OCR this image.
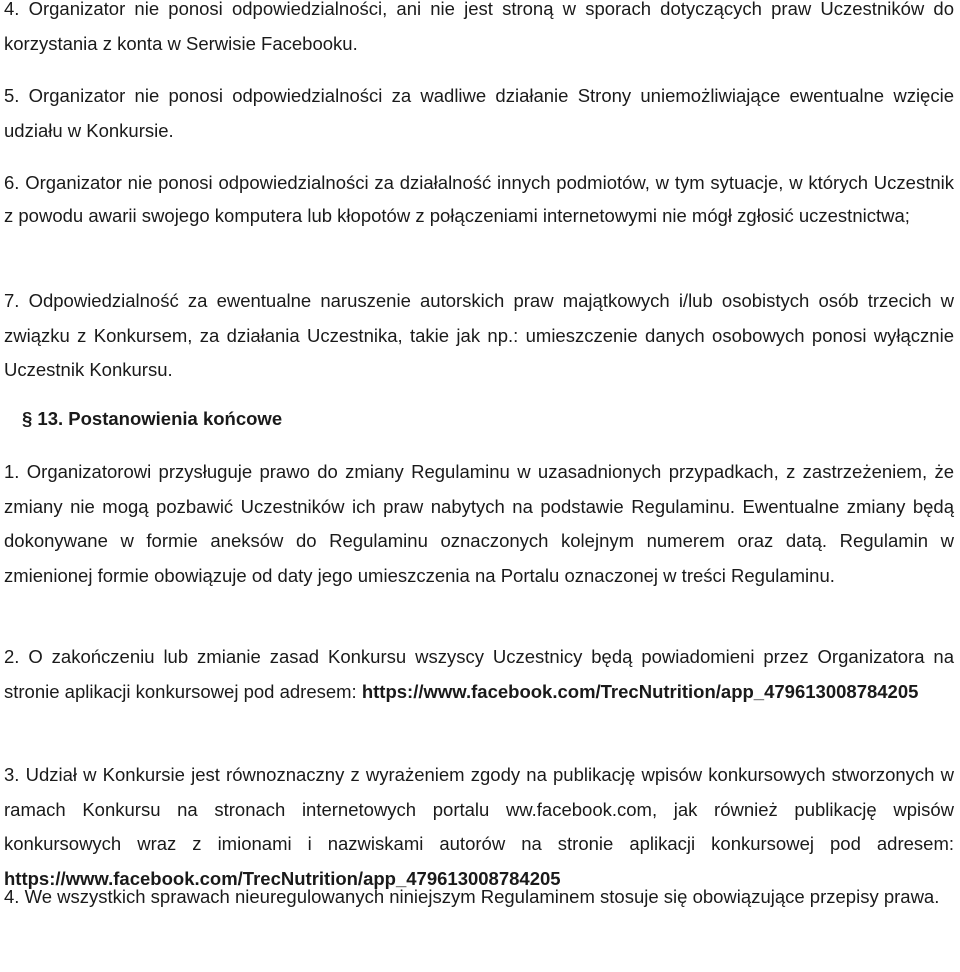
4. Organizator nie ponosi odpowiedzialności, ani nie jest stroną w sporach dotyczących praw Uczestników do korzystania z konta w Serwisie Facebooku.

5. Organizator nie ponosi odpowiedzialności za wadliwe działanie Strony uniemożliwiające ewentualne wzięcie udziału w Konkursie.

6. Organizator nie ponosi odpowiedzialności za działalność innych podmiotów, w tym sytuacje, w których Uczestnik z powodu awarii swojego komputera lub kłopotów z połączeniami internetowymi nie mógł zgłosić uczestnictwa;

7. Odpowiedzialność za ewentualne naruszenie autorskich praw majątkowych i/lub osobistych osób trzecich w związku z Konkursem, za działania Uczestnika, takie jak np.: umieszczenie danych osobowych ponosi wyłącznie Uczestnik Konkursu.

§ 13. Postanowienia końcowe

1. Organizatorowi przysługuje prawo do zmiany Regulaminu w uzasadnionych przypadkach, z zastrzeżeniem, że zmiany nie mogą pozbawić Uczestników ich praw nabytych na podstawie Regulaminu. Ewentualne zmiany będą dokonywane w formie aneksów do Regulaminu oznaczonych kolejnym numerem oraz datą. Regulamin w zmienionej formie obowiązuje od daty jego umieszczenia na Portalu oznaczonej w treści Regulaminu.

2. O zakończeniu lub zmianie zasad Konkursu wszyscy Uczestnicy będą powiadomieni przez Organizatora na stronie aplikacji konkursowej pod adresem: https://www.facebook.com/TrecNutrition/app_479613008784205

3. Udział w Konkursie jest równoznaczny z wyrażeniem zgody na publikację wpisów konkursowych stworzonych w ramach Konkursu na stronach internetowych portalu ww.facebook.com, jak również publikację wpisów konkursowych wraz z imionami i nazwiskami autorów na stronie aplikacji konkursowej pod adresem: https://www.facebook.com/TrecNutrition/app_479613008784205

4. We wszystkich sprawach nieuregulowanych niniejszym Regulaminem stosuje się obowiązujące przepisy prawa.
